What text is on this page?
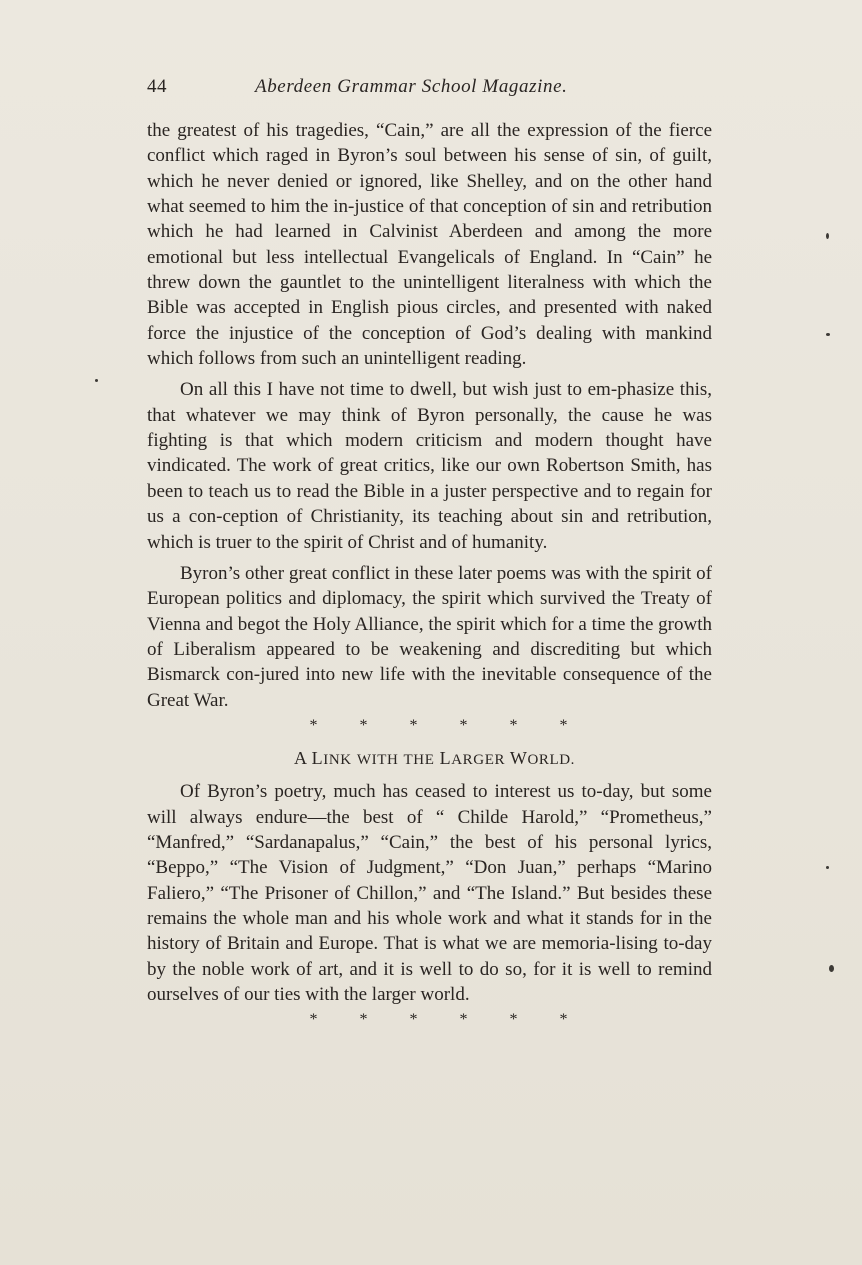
44	Aberdeen Grammar School Magazine.

the greatest of his tragedies, “Cain,” are all the expression of the fierce conflict which raged in Byron’s soul between his sense of sin, of guilt, which he never denied or ignored, like Shelley, and on the other hand what seemed to him the in-justice of that conception of sin and retribution which he had learned in Calvinist Aberdeen and among the more emotional but less intellectual Evangelicals of England. In “Cain” he threw down the gauntlet to the unintelligent literalness with which the Bible was accepted in English pious circles, and presented with naked force the injustice of the conception of God’s dealing with mankind which follows from such an unintelligent reading.

On all this I have not time to dwell, but wish just to em-phasize this, that whatever we may think of Byron personally, the cause he was fighting is that which modern criticism and modern thought have vindicated. The work of great critics, like our own Robertson Smith, has been to teach us to read the Bible in a juster perspective and to regain for us a con-ception of Christianity, its teaching about sin and retribution, which is truer to the spirit of Christ and of humanity.

Byron’s other great conflict in these later poems was with the spirit of European politics and diplomacy, the spirit which survived the Treaty of Vienna and begot the Holy Alliance, the spirit which for a time the growth of Liberalism appeared to be weakening and discrediting but which Bismarck con-jured into new life with the inevitable consequence of the Great War.

*	*	*	*	*	*
A LINK WITH THE LARGER WORLD.

Of Byron’s poetry, much has ceased to interest us to-day, but some will always endure—the best of “ Childe Harold,” “Prometheus,” “Manfred,” “Sardanapalus,” “Cain,” the best of his personal lyrics, “Beppo,” “The Vision of Judgment,” “Don Juan,” perhaps “Marino Faliero,” “The Prisoner of Chillon,” and “The Island.” But besides these remains the whole man and his whole work and what it stands for in the history of Britain and Europe. That is what we are memoria-lising to-day by the noble work of art, and it is well to do so, for it is well to remind ourselves of our ties with the larger world.

*	*	*	*	*	*
